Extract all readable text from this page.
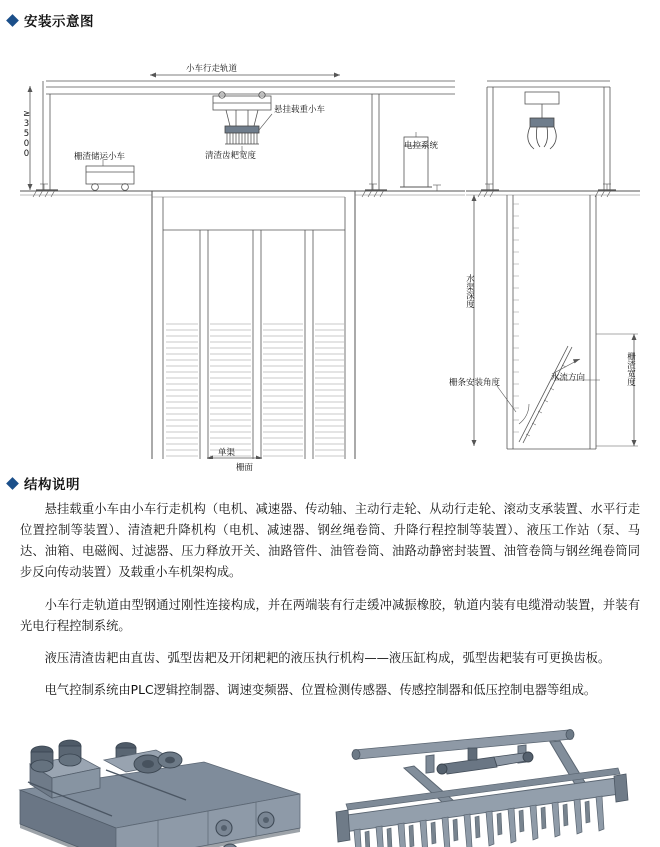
安装示意图
小车行走轨道
悬挂载重小车
清渣齿耙宽度
栅渣储运小车
电控系统
≥3500
水渠深度
栅条安装角度	水流方向	栅渣宽度
单渠
栅面
结构说明

悬挂载重小车由小车行走机构（电机、减速器、传动轴、主动行走轮、从动行走轮、滚动支承装置、水平行走位置控制等装置）、清渣耙升降机构（电机、减速器、钢丝绳卷筒、升降行程控制等装置）、液压工作站（泵、马达、油箱、电磁阀、过滤器、压力释放开关、油路管件、油管卷筒、油路动静密封装置、油管卷筒与钢丝绳卷筒同步反向传动装置）及载重小车机架构成。

小车行走轨道由型钢通过刚性连接构成，并在两端装有行走缓冲减振橡胶，轨道内装有电缆滑动装置，并装有光电行程控制系统。

液压清渣齿耙由直齿、弧型齿耙及开闭耙耙的液压执行机构——液压缸构成，弧型齿耙装有可更换齿板。

电气控制系统由PLC逻辑控制器、调速变频器、位置检测传感器、传感控制器和低压控制电器等组成。
